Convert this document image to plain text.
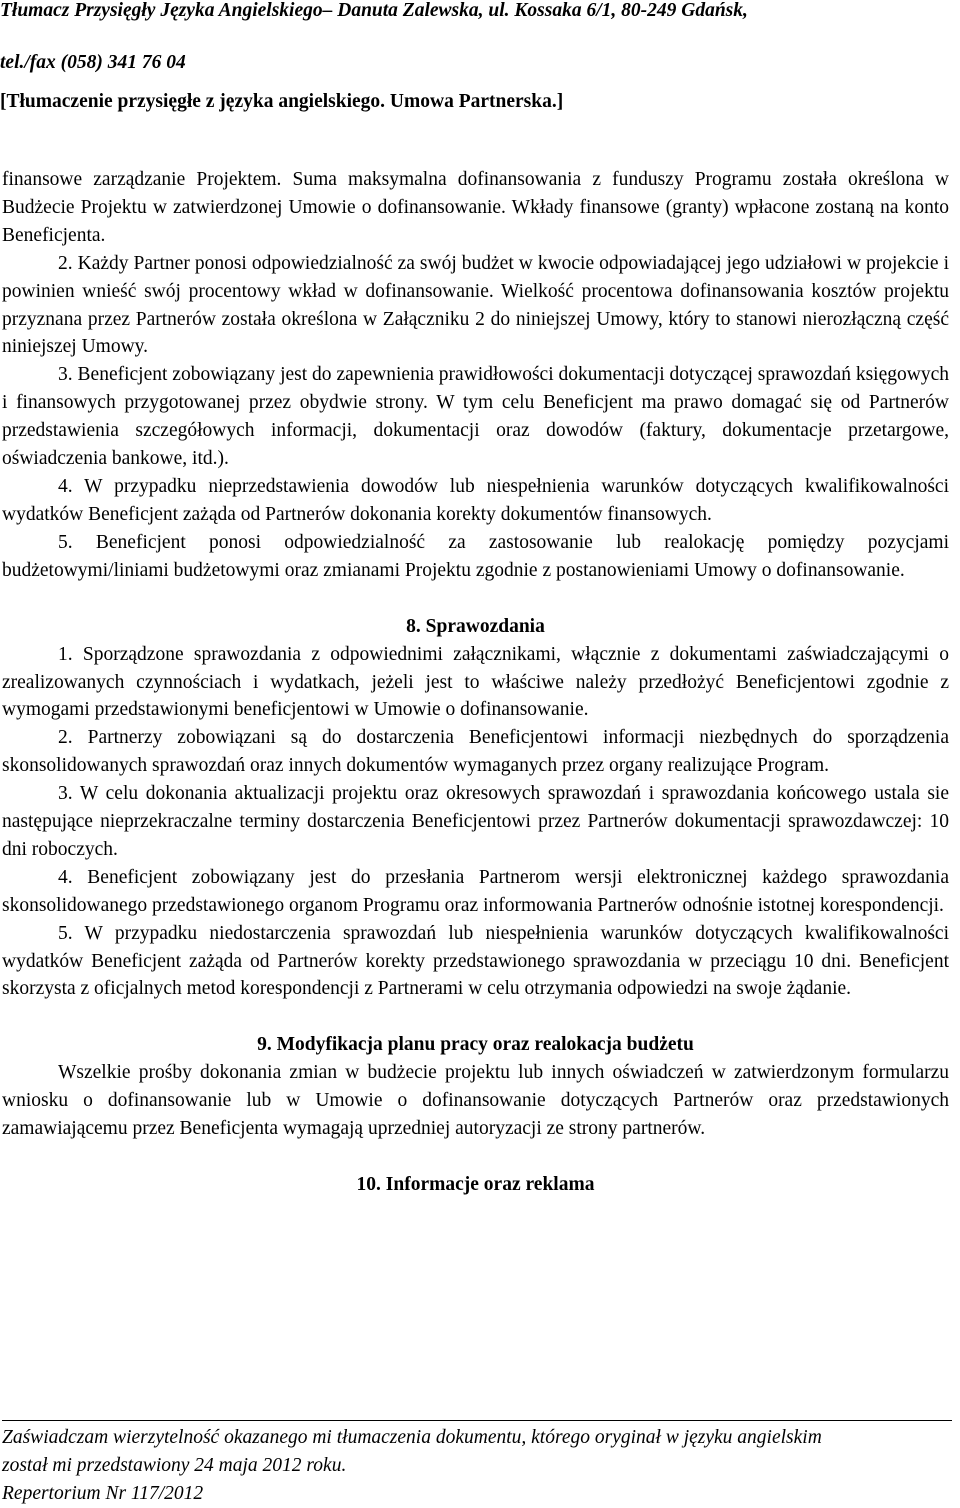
Tłumacz Przysięgły Języka Angielskiego– Danuta Zalewska, ul. Kossaka 6/1, 80-249 Gdańsk,

tel./fax (058) 341 76 04

[Tłumaczenie przysięgłe z języka angielskiego. Umowa Partnerska.]

finansowe zarządzanie Projektem. Suma maksymalna dofinansowania z funduszy Programu została określona w Budżecie Projektu w zatwierdzonej Umowie o dofinansowanie. Wkłady finansowe (granty) wpłacone zostaną na konto Beneficjenta.

2. Każdy Partner ponosi odpowiedzialność za swój budżet w kwocie odpowiadającej jego udziałowi w projekcie i powinien wnieść swój procentowy wkład w dofinansowanie. Wielkość procentowa dofinansowania kosztów projektu przyznana przez Partnerów została określona w Załączniku 2 do niniejszej Umowy, który to stanowi nierozłączną część niniejszej Umowy.

3. Beneficjent zobowiązany jest do zapewnienia prawidłowości dokumentacji dotyczącej sprawozdań księgowych i finansowych przygotowanej przez obydwie strony. W tym celu Beneficjent ma prawo domagać się od Partnerów przedstawienia szczegółowych informacji, dokumentacji oraz dowodów (faktury, dokumentacje przetargowe, oświadczenia bankowe, itd.).

4. W przypadku nieprzedstawienia dowodów lub niespełnienia warunków dotyczących kwalifikowalności wydatków Beneficjent zażąda od Partnerów dokonania korekty dokumentów finansowych.

5. Beneficjent ponosi odpowiedzialność za zastosowanie lub realokację pomiędzy pozycjami budżetowymi/liniami budżetowymi oraz zmianami Projektu zgodnie z postanowieniami Umowy o dofinansowanie.

8. Sprawozdania

1. Sporządzone sprawozdania z odpowiednimi załącznikami, włącznie z dokumentami zaświadczającymi o zrealizowanych czynnościach i wydatkach, jeżeli jest to właściwe należy przedłożyć Beneficjentowi zgodnie z wymogami przedstawionymi beneficjentowi w Umowie o dofinansowanie.

2. Partnerzy zobowiązani są do dostarczenia Beneficjentowi informacji niezbędnych do sporządzenia skonsolidowanych sprawozdań oraz innych dokumentów wymaganych przez organy realizujące Program.

3. W celu dokonania aktualizacji projektu oraz okresowych sprawozdań i sprawozdania końcowego ustala sie następujące nieprzekraczalne terminy dostarczenia Beneficjentowi przez Partnerów dokumentacji sprawozdawczej: 10 dni roboczych.

4. Beneficjent zobowiązany jest do przesłania Partnerom wersji elektronicznej każdego sprawozdania skonsolidowanego przedstawionego organom Programu oraz informowania Partnerów odnośnie istotnej korespondencji.

5. W przypadku niedostarczenia sprawozdań lub niespełnienia warunków dotyczących kwalifikowalności wydatków Beneficjent zażąda od Partnerów korekty przedstawionego sprawozdania w przeciągu 10 dni. Beneficjent skorzysta z oficjalnych metod korespondencji z Partnerami w celu otrzymania odpowiedzi na swoje żądanie.

9. Modyfikacja planu pracy oraz realokacja budżetu

Wszelkie prośby dokonania zmian w budżecie projektu lub innych oświadczeń w zatwierdzonym formularzu wniosku o dofinansowanie lub w Umowie o dofinansowanie dotyczących Partnerów oraz przedstawionych zamawiającemu przez Beneficjenta wymagają uprzedniej autoryzacji ze strony partnerów.

10. Informacje oraz reklama

Zaświadczam wierzytelność okazanego mi tłumaczenia dokumentu, którego oryginał w języku angielskim

został mi przedstawiony 24 maja 2012 roku.

Repertorium Nr 117/2012
